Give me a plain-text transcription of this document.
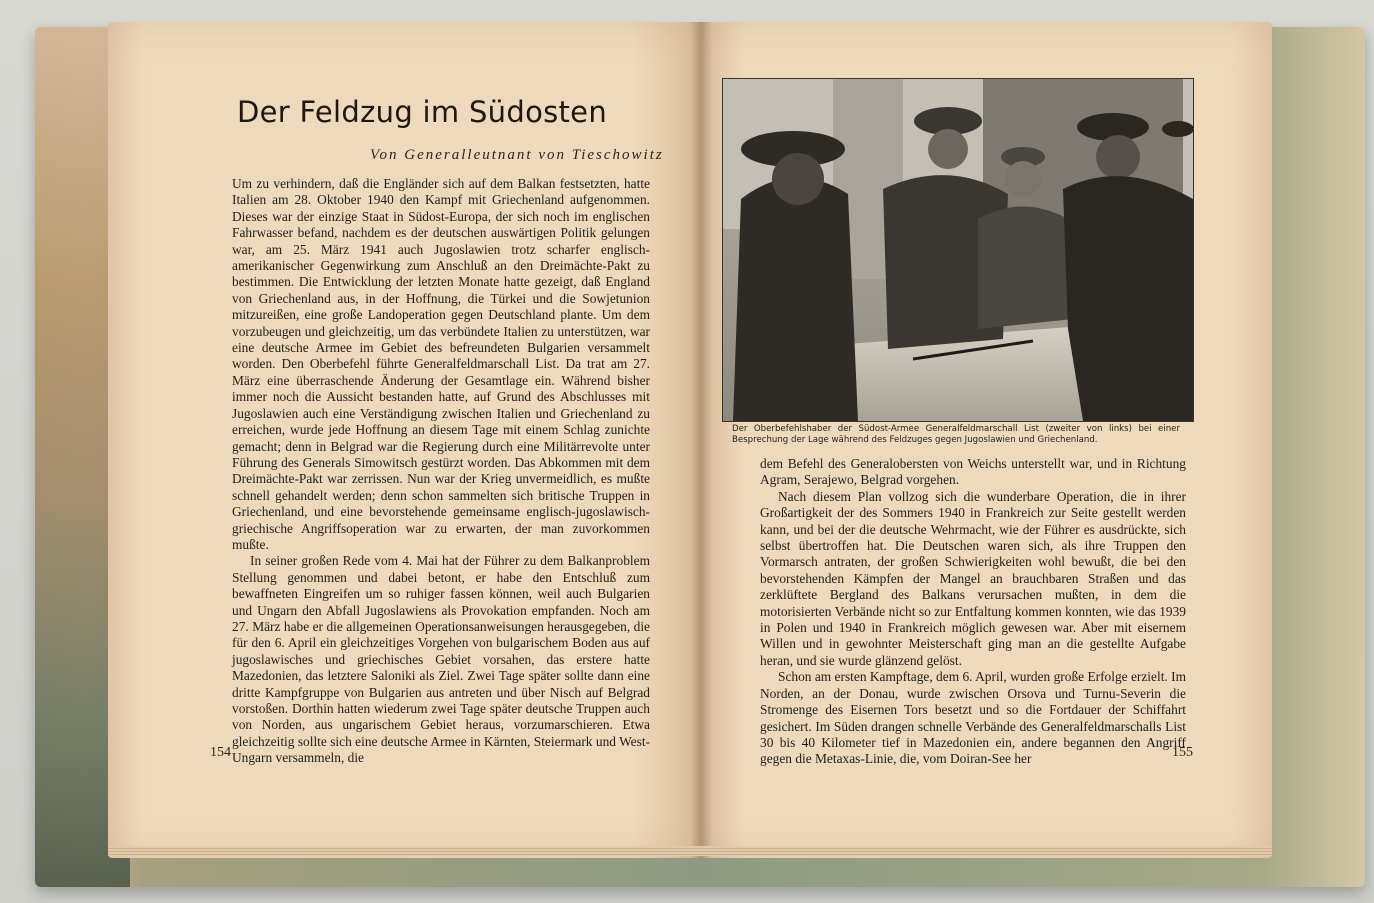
Der Feldzug im Südosten
Von Generalleutnant von Tieschowitz

Um zu verhindern, daß die Engländer sich auf dem Balkan festsetzten, hatte Italien am 28. Oktober 1940 den Kampf mit Griechenland aufgenommen. Dieses war der einzige Staat in Südost-Europa, der sich noch im englischen Fahrwasser befand, nachdem es der deutschen auswärtigen Politik gelungen war, am 25. März 1941 auch Jugoslawien trotz scharfer englisch-amerikanischer Gegenwirkung zum Anschluß an den Dreimächte-Pakt zu bestimmen. Die Entwicklung der letzten Monate hatte gezeigt, daß England von Griechenland aus, in der Hoffnung, die Türkei und die Sowjetunion mitzureißen, eine große Landoperation gegen Deutschland plante. Um dem vorzubeugen und gleichzeitig, um das verbündete Italien zu unterstützen, war eine deutsche Armee im Gebiet des befreundeten Bulgarien versammelt worden. Den Oberbefehl führte Generalfeldmarschall List. Da trat am 27. März eine überraschende Änderung der Gesamtlage ein. Während bisher immer noch die Aussicht bestanden hatte, auf Grund des Abschlusses mit Jugoslawien auch eine Verständigung zwischen Italien und Griechenland zu erreichen, wurde jede Hoffnung an diesem Tage mit einem Schlag zunichte gemacht; denn in Belgrad war die Regierung durch eine Militärrevolte unter Führung des Generals Simowitsch gestürzt worden. Das Abkommen mit dem Dreimächte-Pakt war zerrissen. Nun war der Krieg unvermeidlich, es mußte schnell gehandelt werden; denn schon sammelten sich britische Truppen in Griechenland, und eine bevorstehende gemeinsame englisch-jugoslawisch-griechische Angriffsoperation war zu erwarten, der man zuvorkommen mußte.

In seiner großen Rede vom 4. Mai hat der Führer zu dem Balkanproblem Stellung genommen und dabei betont, er habe den Entschluß zum bewaffneten Eingreifen um so ruhiger fassen können, weil auch Bulgarien und Ungarn den Abfall Jugoslawiens als Provokation empfanden. Noch am 27. März habe er die allgemeinen Operationsanweisungen herausgegeben, die für den 6. April ein gleichzeitiges Vorgehen von bulgarischem Boden aus auf jugoslawisches und griechisches Gebiet vorsahen, das erstere hatte Mazedonien, das letztere Saloniki als Ziel. Zwei Tage später sollte dann eine dritte Kampfgruppe von Bulgarien aus antreten und über Nisch auf Belgrad vorstoßen. Dorthin hatten wiederum zwei Tage später deutsche Truppen auch von Norden, aus ungarischem Gebiet heraus, vorzumarschieren. Etwa gleichzeitig sollte sich eine deutsche Armee in Kärnten, Steiermark und West-Ungarn versammeln, die

154
Der Oberbefehlshaber der Südost-Armee Generalfeldmarschall List (zweiter von links) bei einer Besprechung der Lage während des Feldzuges gegen Jugoslawien und Griechenland.

dem Befehl des Generalobersten von Weichs unterstellt war, und in Richtung Agram, Serajewo, Belgrad vorgehen.

Nach diesem Plan vollzog sich die wunderbare Operation, die in ihrer Großartigkeit der des Sommers 1940 in Frankreich zur Seite gestellt werden kann, und bei der die deutsche Wehrmacht, wie der Führer es ausdrückte, sich selbst übertroffen hat. Die Deutschen waren sich, als ihre Truppen den Vormarsch antraten, der großen Schwierigkeiten wohl bewußt, die bei den bevorstehenden Kämpfen der Mangel an brauchbaren Straßen und das zerklüftete Bergland des Balkans verursachen mußten, in dem die motorisierten Verbände nicht so zur Entfaltung kommen konnten, wie das 1939 in Polen und 1940 in Frankreich möglich gewesen war. Aber mit eisernem Willen und in gewohnter Meisterschaft ging man an die gestellte Aufgabe heran, und sie wurde glänzend gelöst.

Schon am ersten Kampftage, dem 6. April, wurden große Erfolge erzielt. Im Norden, an der Donau, wurde zwischen Orsova und Turnu-Severin die Stromenge des Eisernen Tors besetzt und so die Fortdauer der Schiffahrt gesichert. Im Süden drangen schnelle Verbände des Generalfeldmarschalls List 30 bis 40 Kilometer tief in Mazedonien ein, andere begannen den Angriff gegen die Metaxas-Linie, die, vom Doiran-See her	155
